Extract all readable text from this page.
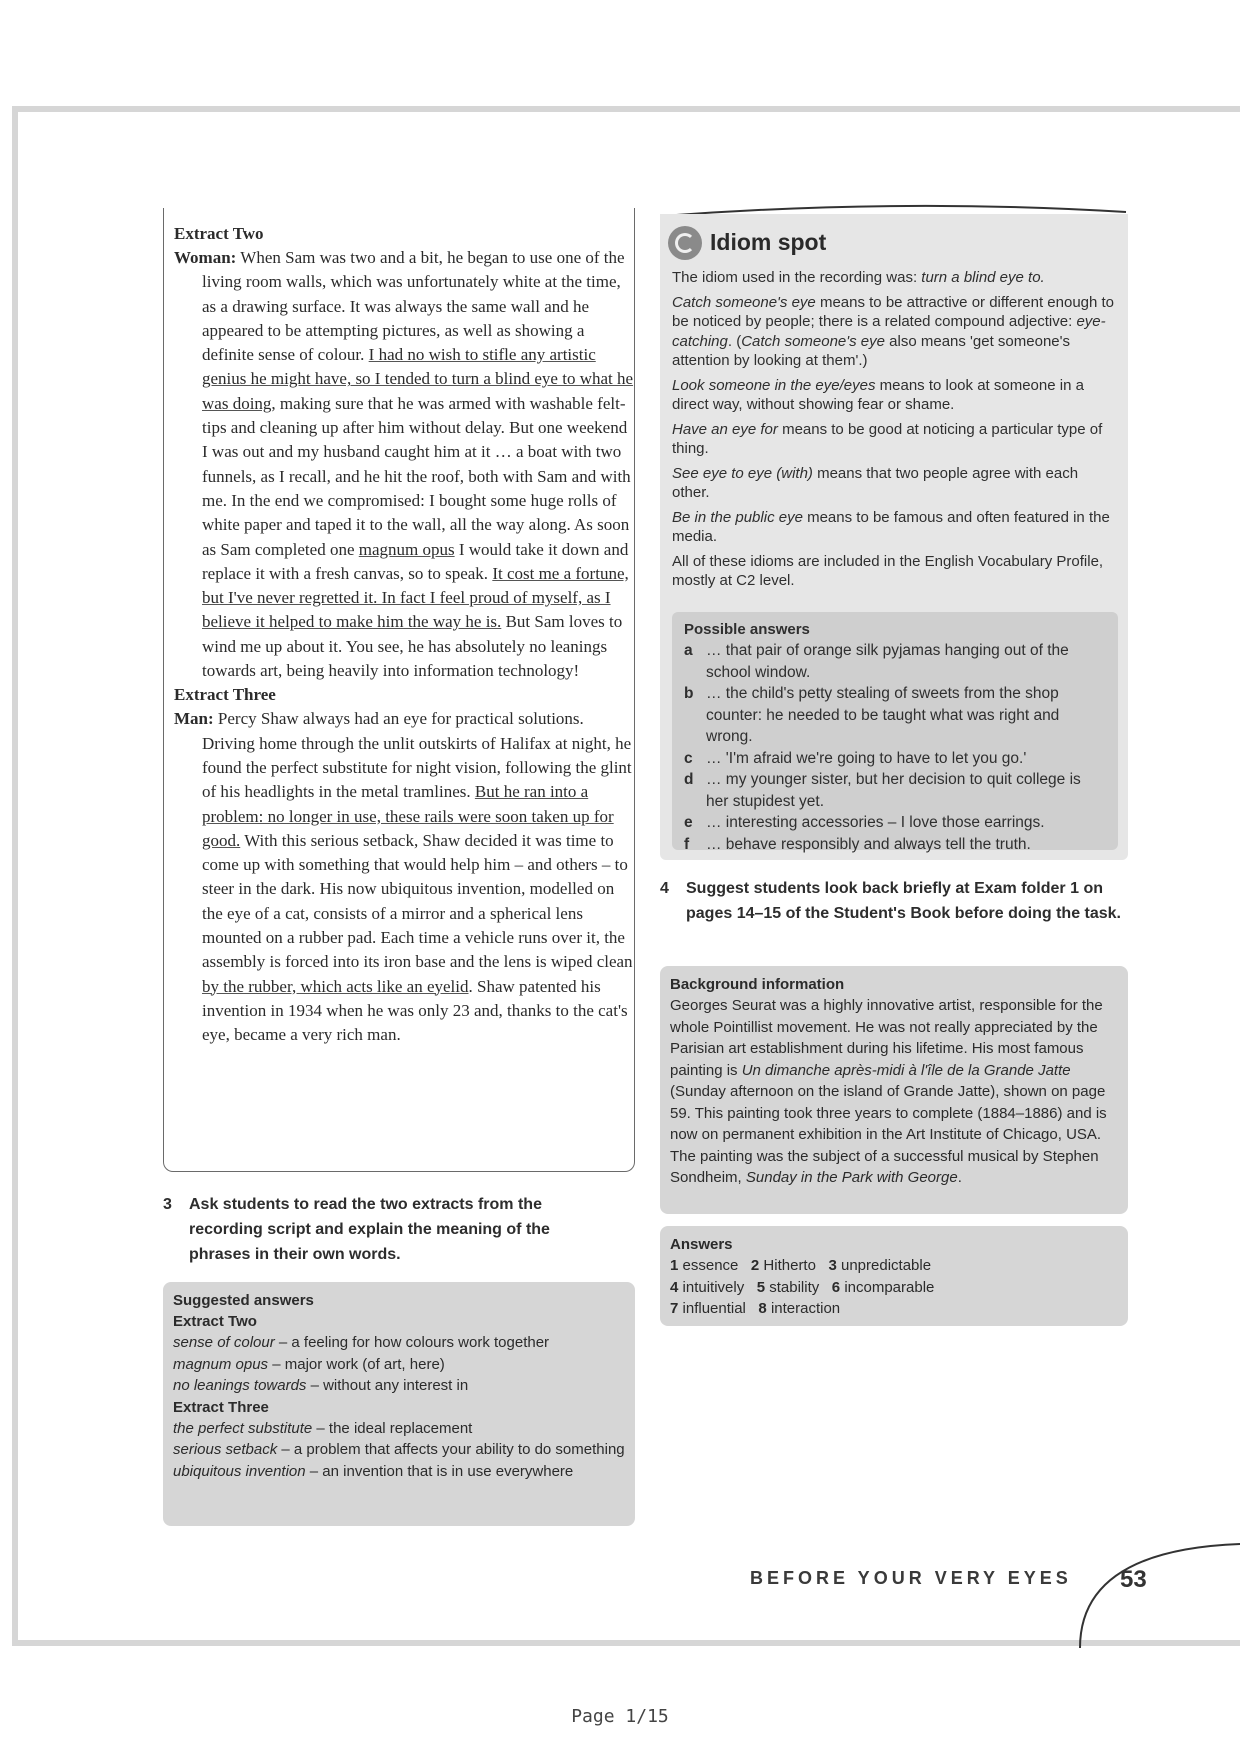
Extract Two

Woman: When Sam was two and a bit, he began to use one of the living room walls, which was unfortunately white at the time, as a drawing surface. It was always the same wall and he appeared to be attempting pictures, as well as showing a definite sense of colour. I had no wish to stifle any artistic genius he might have, so I tended to turn a blind eye to what he was doing, making sure that he was armed with washable felt-tips and cleaning up after him without delay. But one weekend I was out and my husband caught him at it … a boat with two funnels, as I recall, and he hit the roof, both with Sam and with me. In the end we compromised: I bought some huge rolls of white paper and taped it to the wall, all the way along. As soon as Sam completed one magnum opus I would take it down and replace it with a fresh canvas, so to speak. It cost me a fortune, but I've never regretted it. In fact I feel proud of myself, as I believe it helped to make him the way he is. But Sam loves to wind me up about it. You see, he has absolutely no leanings towards art, being heavily into information technology!

Extract Three

Man: Percy Shaw always had an eye for practical solutions. Driving home through the unlit outskirts of Halifax at night, he found the perfect substitute for night vision, following the glint of his headlights in the metal tramlines. But he ran into a problem: no longer in use, these rails were soon taken up for good. With this serious setback, Shaw decided it was time to come up with something that would help him – and others – to steer in the dark. His now ubiquitous invention, modelled on the eye of a cat, consists of a mirror and a spherical lens mounted on a rubber pad. Each time a vehicle runs over it, the assembly is forced into its iron base and the lens is wiped clean by the rubber, which acts like an eyelid. Shaw patented his invention in 1934 when he was only 23 and, thanks to the cat's eye, became a very rich man.

3	Ask students to read the two extracts from the recording script and explain the meaning of the phrases in their own words.
Suggested answers
Extract Two

sense of colour – a feeling for how colours work together

magnum opus – major work (of art, here)

no leanings towards – without any interest in

Extract Three

the perfect substitute – the ideal replacement

serious setback – a problem that affects your ability to do something

ubiquitous invention – an invention that is in use everywhere

Idiom spot

The idiom used in the recording was: turn a blind eye to.

Catch someone's eye means to be attractive or different enough to be noticed by people; there is a related compound adjective: eye-catching. (Catch someone's eye also means 'get someone's attention by looking at them'.)

Look someone in the eye/eyes means to look at someone in a direct way, without showing fear or shame.

Have an eye for means to be good at noticing a particular type of thing.

See eye to eye (with) means that two people agree with each other.

Be in the public eye means to be famous and often featured in the media.

All of these idioms are included in the English Vocabulary Profile, mostly at C2 level.

Possible answers
a … that pair of orange silk pyjamas hanging out of the school window.
b … the child's petty stealing of sweets from the shop counter: he needed to be taught what was right and wrong.
c … 'I'm afraid we're going to have to let you go.'
d … my younger sister, but her decision to quit college is her stupidest yet.
e … interesting accessories – I love those earrings.
f	… behave responsibly and always tell the truth.
4	Suggest students look back briefly at Exam folder 1 on pages 14–15 of the Student's Book before doing the task.
Background information

Georges Seurat was a highly innovative artist, responsible for the whole Pointillist movement. He was not really appreciated by the Parisian art establishment during his lifetime. His most famous painting is Un dimanche après-midi à l'île de la Grande Jatte (Sunday afternoon on the island of Grande Jatte), shown on page 59. This painting took three years to complete (1884–1886) and is now on permanent exhibition in the Art Institute of Chicago, USA. The painting was the subject of a successful musical by Stephen Sondheim, Sunday in the Park with George.

Answers

1 essence 2 Hitherto 3 unpredictable

4 intuitively 5 stability 6 incomparable

7 influential 8 interaction

BEFORE YOUR VERY EYES 53
Page 1/15
